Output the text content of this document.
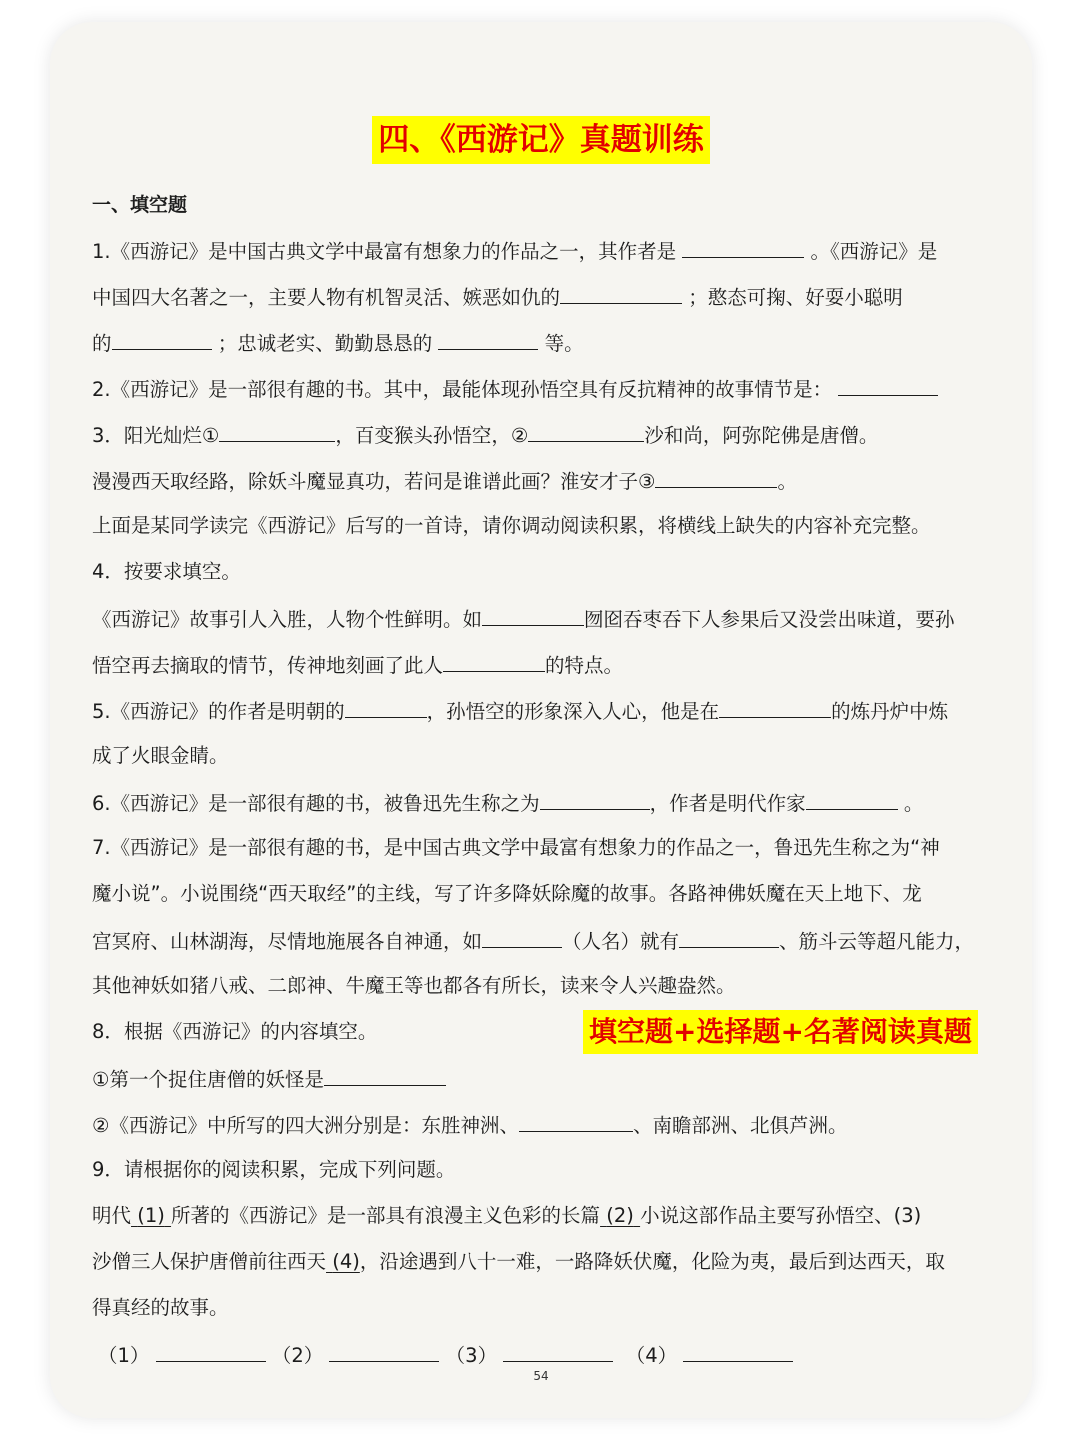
四、《西游记》真题训练
一、填空题
1.《西游记》是中国古典文学中最富有想象力的作品之一，其作者是	。《西游记》是
中国四大名著之一，主要人物有机智灵活、嫉恶如仇的	；憨态可掬、好耍小聪明
的	；忠诚老实、勤勤恳恳的	等。
2.《西游记》是一部很有趣的书。其中，最能体现孙悟空具有反抗精神的故事情节是：
3．阳光灿烂①	，百变猴头孙悟空，②	沙和尚，阿弥陀佛是唐僧。
漫漫西天取经路，除妖斗魔显真功，若问是谁谱此画？淮安才子③	。
上面是某同学读完《西游记》后写的一首诗，请你调动阅读积累，将横线上缺失的内容补充完整。
4．按要求填空。
《西游记》故事引人入胜，人物个性鲜明。如	囫囵吞枣吞下人参果后又没尝出味道，要孙
悟空再去摘取的情节，传神地刻画了此人	的特点。
5.《西游记》的作者是明朝的	，孙悟空的形象深入人心，他是在	的炼丹炉中炼
成了火眼金睛。
6.《西游记》是一部很有趣的书，被鲁迅先生称之为	，作者是明代作家	。
7.《西游记》是一部很有趣的书，是中国古典文学中最富有想象力的作品之一，鲁迅先生称之为“神
魔小说”。小说围绕“西天取经”的主线，写了许多降妖除魔的故事。各路神佛妖魔在天上地下、龙
宫冥府、山林湖海，尽情地施展各自神通，如	（人名）就有	、筋斗云等超凡能力，
其他神妖如猪八戒、二郎神、牛魔王等也都各有所长，读来令人兴趣盎然。
8．根据《西游记》的内容填空。
①第一个捉住唐僧的妖怪是
②《西游记》中所写的四大洲分别是：东胜神洲、	、南瞻部洲、北俱芦洲。
填空题+选择题+名著阅读真题
9．请根据你的阅读积累，完成下列问题。
明代 (1) 所著的《西游记》是一部具有浪漫主义色彩的长篇 (2) 小说这部作品主要写孙悟空、(3)
沙僧三人保护唐僧前往西天 (4)，沿途遇到八十一难，一路降妖伏魔，化险为夷，最后到达西天，取
得真经的故事。
（1）	（2）	（3）	（4）
54
